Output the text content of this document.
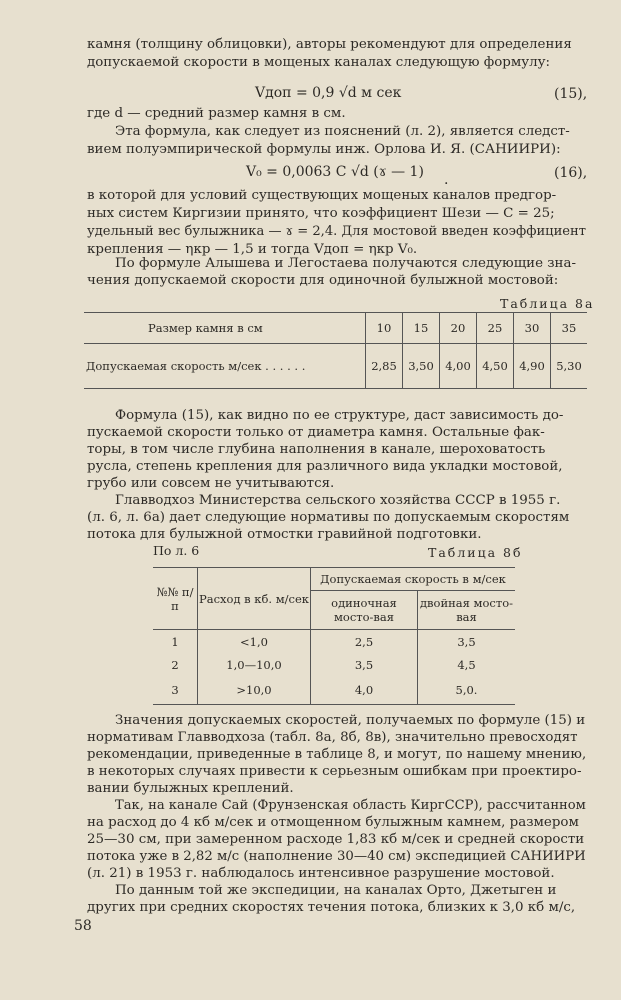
камня (толщину облицовки), авторы рекомендуют для определения
допускаемой скорости в мощеных каналах следующую формулу:
Vдоп = 0,9 √d м сек	(15),
где d — средний размер камня в см.
Эта формула, как следует из пояснений (л. 2), является следст-
вием полуэмпирической формулы инж. Орлова И. Я. (САНИИРИ):
V₀ = 0,0063 C √d (ɤ — 1) .	(16),
в которой для условий существующих мощеных каналов предгор-
ных систем Киргизии принято, что коэффициент Шези — С = 25;
удельный вес булыжника — ɤ = 2,4. Для мостовой введен коэффициент
крепления — ηкр — 1,5 и тогда Vдоп = ηкр V₀.
По формуле Алышева и Легостаева получаются следующие зна-
чения допускаемой скорости для одиночной булыжной мостовой:
Таблица 8а
Размер камня в см	10	15	20	25	30	35
Допускаемая скорость м/сек . . . . . .	2,85	3,50	4,00	4,50	4,90	5,30
Формула (15), как видно по ее структуре, даст зависимость до-
пускаемой скорости только от диаметра камня. Остальные фак-
торы, в том числе глубина наполнения в канале, шероховатость
русла, степень крепления для различного вида укладки мостовой,
грубо или совсем не учитываются.
Главводхоз Министерства сельского хозяйства СССР в 1955 г.
(л. 6, л. 6а) дает следующие нормативы по допускаемым скоростям
потока для булыжной отмостки гравийной подготовки.
По л. 6	Таблица 8б
№№ п/п	Расход в кб. м/сек	Допускаемая скорость в м/сек	
		одиночная мосто-вая	двойная мосто-вая
1	<1,0	2,5	3,5
2	1,0—10,0	3,5	4,5
3	>10,0	4,0	5,0.
Значения допускаемых скоростей, получаемых по формуле (15) и
нормативам Главводхоза (табл. 8а, 8б, 8в), значительно превосходят
рекомендации, приведенные в таблице 8, и могут, по нашему мнению,
в некоторых случаях привести к серьезным ошибкам при проектиро-
вании булыжных креплений.
Так, на канале Сай (Фрунзенская область КиргССР), рассчитанном
на расход до 4 кб м/сек и отмощенном булыжным камнем, размером
25—30 см, при замеренном расходе 1,83 кб м/сек и средней скорости
потока уже в 2,82 м/с (наполнение 30—40 см) экспедицией САНИИРИ
(л. 21) в 1953 г. наблюдалось интенсивное разрушение мостовой.
По данным той же экспедиции, на каналах Орто, Джетыген и
других при средних скоростях течения потока, близких к 3,0 кб м/с,
58
